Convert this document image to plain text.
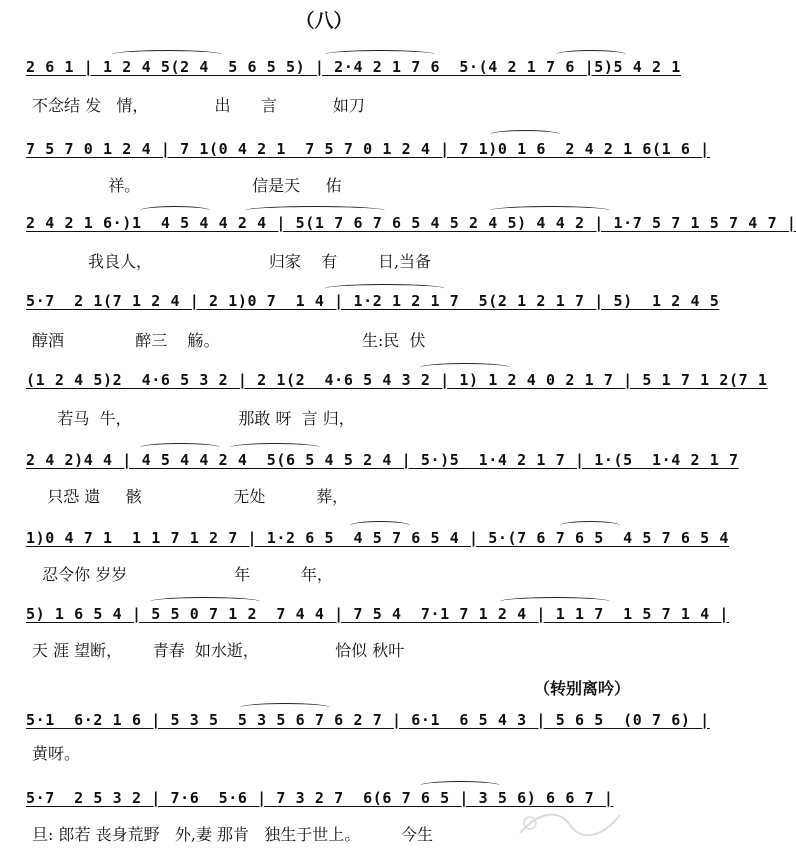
（八）
2 6 1 | 1 2 4 5(2 4  5 6 5 5) | 2·4 2 1 7 6  5·(4 2 1 7 6 |5)5 4 2 1
不念结 发   情，             出      言           如刀
7 5 7 0 1 2 4 | 7 1(0 4 2 1  7 5 7 0 1 2 4 | 7 1)0 1 6  2 4 2 1 6(1 6 |
祥。                      信是天     佑
2 4 2 1 6·)1  4 5 4 4 2 4 | 5(1 7 6 7 6 5 4 5 2 4 5) 4 4 2 | 1·7 5 7 1 5 7 4 7 |
我良人，                       归家    有        日,当备
5·7  2 1(7 1 2 4 | 2 1)0 7  1 4 | 1·2 1 2 1 7  5(2 1 2 1 7 | 5)  1 2 4 5
醇酒              醉三    觞。                            生:民  伏
(1 2 4 5)2  4·6 5 3 2 | 2 1(2  4·6 5 4 3 2 | 1) 1 2 4 0 2 1 7 | 5 1 7 1 2(7 1
若马  牛，                     那敢 呀  言 归，
2 4 2)4 4 | 4 5 4 4 2 4  5(6 5 4 5 2 4 | 5·)5  1·4 2 1 7 | 1·(5  1·4 2 1 7
只恐 遗     骸                  无处          葬，
1)0 4 7 1  1 1 7 1 2 7 | 1·2 6 5  4 5 7 6 5 4 | 5·(7 6 7 6 5  4 5 7 6 5 4
忍令你 岁岁                     年          年，
5) 1 6 5 4 | 5 5 0 7 1 2  7 4 4 | 7 5 4  7·1 7 1 2 4 | 1 1 7  1 5 7 1 4 |
天 涯 望断，      青春  如水逝，               恰似 秋叶
（转别离吟）
5·1  6·2 1 6 | 5 3 5  5 3 5 6 7 6 2 7 | 6·1  6 5 4 3 | 5 6 5  (0 7 6) |
黄呀。
5·7  2 5 3 2 | 7·6  5·6 | 7 3 2 7  6(6 7 6 5 | 3 5 6) 6 6 7 |
旦: 郎若 丧身荒野   外,妻 那肯   独生于世上。        今生
